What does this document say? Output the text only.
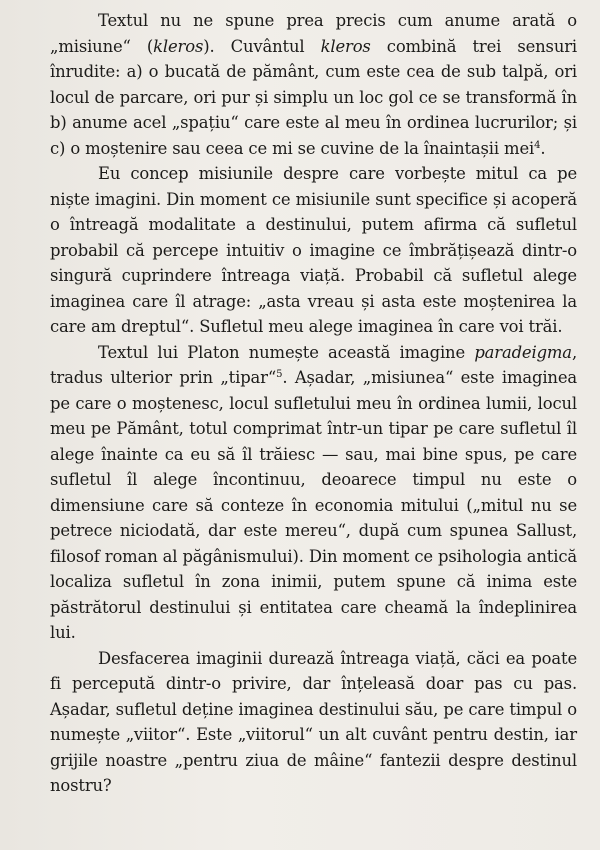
Textul nu ne spune prea precis cum anume arată o „misiune“ (kleros). Cuvântul kleros combină trei sensuri înrudite: a) o bucată de pământ, cum este cea de sub talpă, ori locul de parcare, ori pur și simplu un loc gol ce se transformă în b) anume acel „spațiu“ care este al meu în ordinea lucrurilor; și c) o moștenire sau ceea ce mi se cuvine de la înaintașii mei$^4$.

Eu concep misiunile despre care vorbește mitul ca pe niște imagini. Din moment ce misiunile sunt specifice și acoperă o întreagă modalitate a destinului, putem afirma că sufletul probabil că percepe intuitiv o imagine ce îmbrățișează dintr-o singură cuprindere întreaga viață. Probabil că sufletul alege imaginea care îl atrage: „asta vreau și asta este moștenirea la care am dreptul“. Sufletul meu alege imaginea în care voi trăi.

Textul lui Platon numește această imagine paradeigma, tradus ulterior prin „tipar“$^5$. Așadar, „misiunea“ este imaginea pe care o moștenesc, locul sufletului meu în ordinea lumii, locul meu pe Pământ, totul comprimat într-un tipar pe care sufletul îl alege înainte ca eu să îl trăiesc — sau, mai bine spus, pe care sufletul îl alege încontinuu, deoarece timpul nu este o dimensiune care să conteze în economia mitului („mitul nu se petrece niciodată, dar este mereu“, după cum spunea Sallust, filosof roman al păgânismului). Din moment ce psihologia antică localiza sufletul în zona inimii, putem spune că inima este păstrătorul destinului și entitatea care cheamă la îndeplinirea lui.

Desfacerea imaginii durează întreaga viață, căci ea poate fi percepută dintr-o privire, dar înțeleasă doar pas cu pas. Așadar, sufletul deține imaginea destinului său, pe care timpul o numește „viitor“. Este „viitorul“ un alt cuvânt pentru destin, iar grijile noastre „pentru ziua de mâine“ fantezii despre destinul nostru?
